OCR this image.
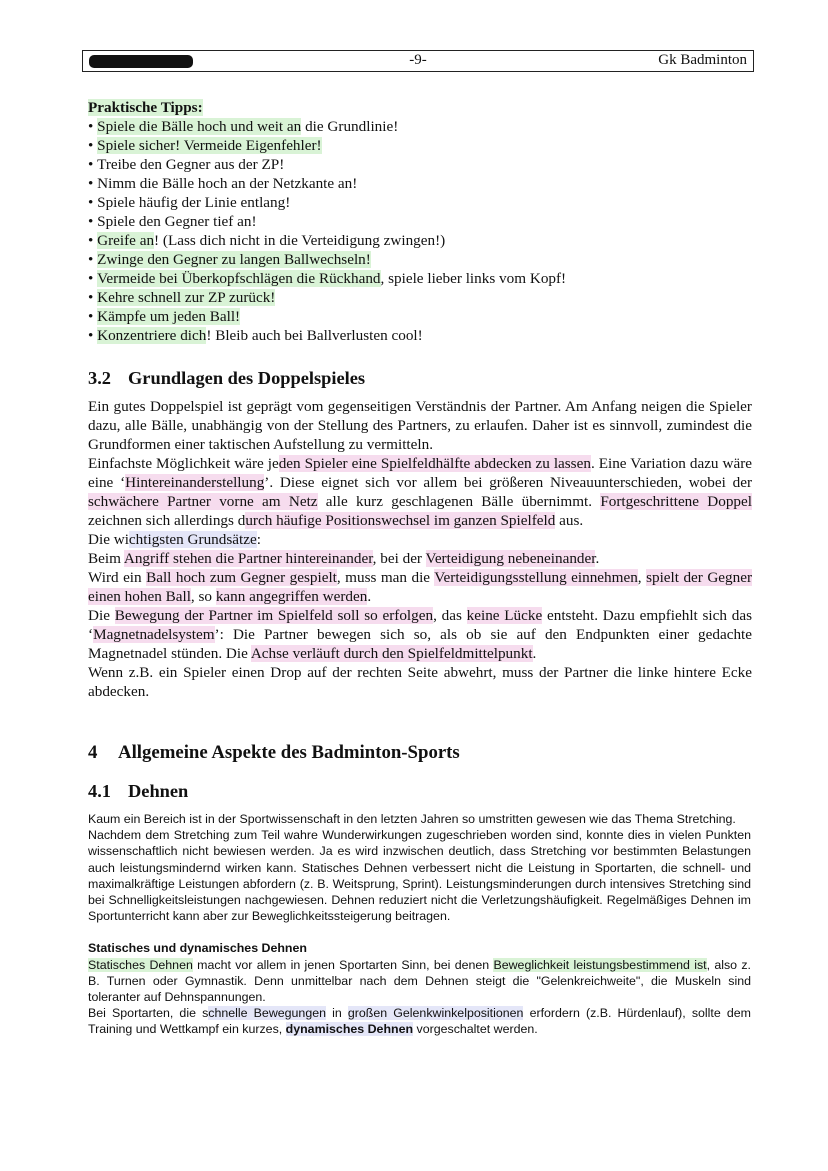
-9-	Gk Badminton
Praktische Tipps:
• Spiele die Bälle hoch und weit an die Grundlinie!
• Spiele sicher! Vermeide Eigenfehler!
• Treibe den Gegner aus der ZP!
• Nimm die Bälle hoch an der Netzkante an!
• Spiele häufig der Linie entlang!
• Spiele den Gegner tief an!
• Greife an! (Lass dich nicht in die Verteidigung zwingen!)
• Zwinge den Gegner zu langen Ballwechseln!
• Vermeide bei Überkopfschlägen die Rückhand, spiele lieber links vom Kopf!
• Kehre schnell zur ZP zurück!
• Kämpfe um jeden Ball!
• Konzentriere dich! Bleib auch bei Ballverlusten cool!
3.2 Grundlagen des Doppelspieles

Ein gutes Doppelspiel ist geprägt vom gegenseitigen Verständnis der Partner. Am Anfang neigen die Spieler dazu, alle Bälle, unabhängig von der Stellung des Partners, zu erlaufen. Daher ist es sinnvoll, zumindest die Grundformen einer taktischen Aufstellung zu vermitteln.

Einfachste Möglichkeit wäre jeden Spieler eine Spielfeldhälfte abdecken zu lassen. Eine Variation dazu wäre eine ‘Hintereinanderstellung’. Diese eignet sich vor allem bei größeren Niveauunterschieden, wobei der schwächere Partner vorne am Netz alle kurz geschlagenen Bälle übernimmt. Fortgeschrittene Doppel zeichnen sich allerdings durch häufige Positionswechsel im ganzen Spielfeld aus.

Die wichtigsten Grundsätze:

Beim Angriff stehen die Partner hintereinander, bei der Verteidigung nebeneinander.

Wird ein Ball hoch zum Gegner gespielt, muss man die Verteidigungsstellung einnehmen, spielt der Gegner einen hohen Ball, so kann angegriffen werden.

Die Bewegung der Partner im Spielfeld soll so erfolgen, das keine Lücke entsteht. Dazu empfiehlt sich das ‘Magnetnadelsystem’: Die Partner bewegen sich so, als ob sie auf den Endpunkten einer gedachte Magnetnadel stünden. Die Achse verläuft durch den Spielfeldmittelpunkt.

Wenn z.B. ein Spieler einen Drop auf der rechten Seite abwehrt, muss der Partner die linke hintere Ecke abdecken.

4 Allgemeine Aspekte des Badminton-Sports
4.1 Dehnen

Kaum ein Bereich ist in der Sportwissenschaft in den letzten Jahren so umstritten gewesen wie das Thema Stretching.

Nachdem dem Stretching zum Teil wahre Wunderwirkungen zugeschrieben worden sind, konnte dies in vielen Punkten wissenschaftlich nicht bewiesen werden. Ja es wird inzwischen deutlich, dass Stretching vor bestimmten Belastungen auch leistungsmindernd wirken kann. Statisches Dehnen verbessert nicht die Leistung in Sportarten, die schnell- und maximalkräftige Leistungen abfordern (z. B. Weitsprung, Sprint). Leistungsminderungen durch intensives Stretching sind bei Schnelligkeitsleistungen nachgewiesen. Dehnen reduziert nicht die Verletzungshäufigkeit. Regelmäßiges Dehnen im Sportunterricht kann aber zur Beweglichkeitssteigerung beitragen.

Statisches und dynamisches Dehnen

Statisches Dehnen macht vor allem in jenen Sportarten Sinn, bei denen Beweglichkeit leistungsbestimmend ist, also z. B. Turnen oder Gymnastik. Denn unmittelbar nach dem Dehnen steigt die "Gelenkreichweite", die Muskeln sind toleranter auf Dehnspannungen.

Bei Sportarten, die schnelle Bewegungen in großen Gelenkwinkelpositionen erfordern (z.B. Hürdenlauf), sollte dem Training und Wettkampf ein kurzes, dynamisches Dehnen vorgeschaltet werden.
